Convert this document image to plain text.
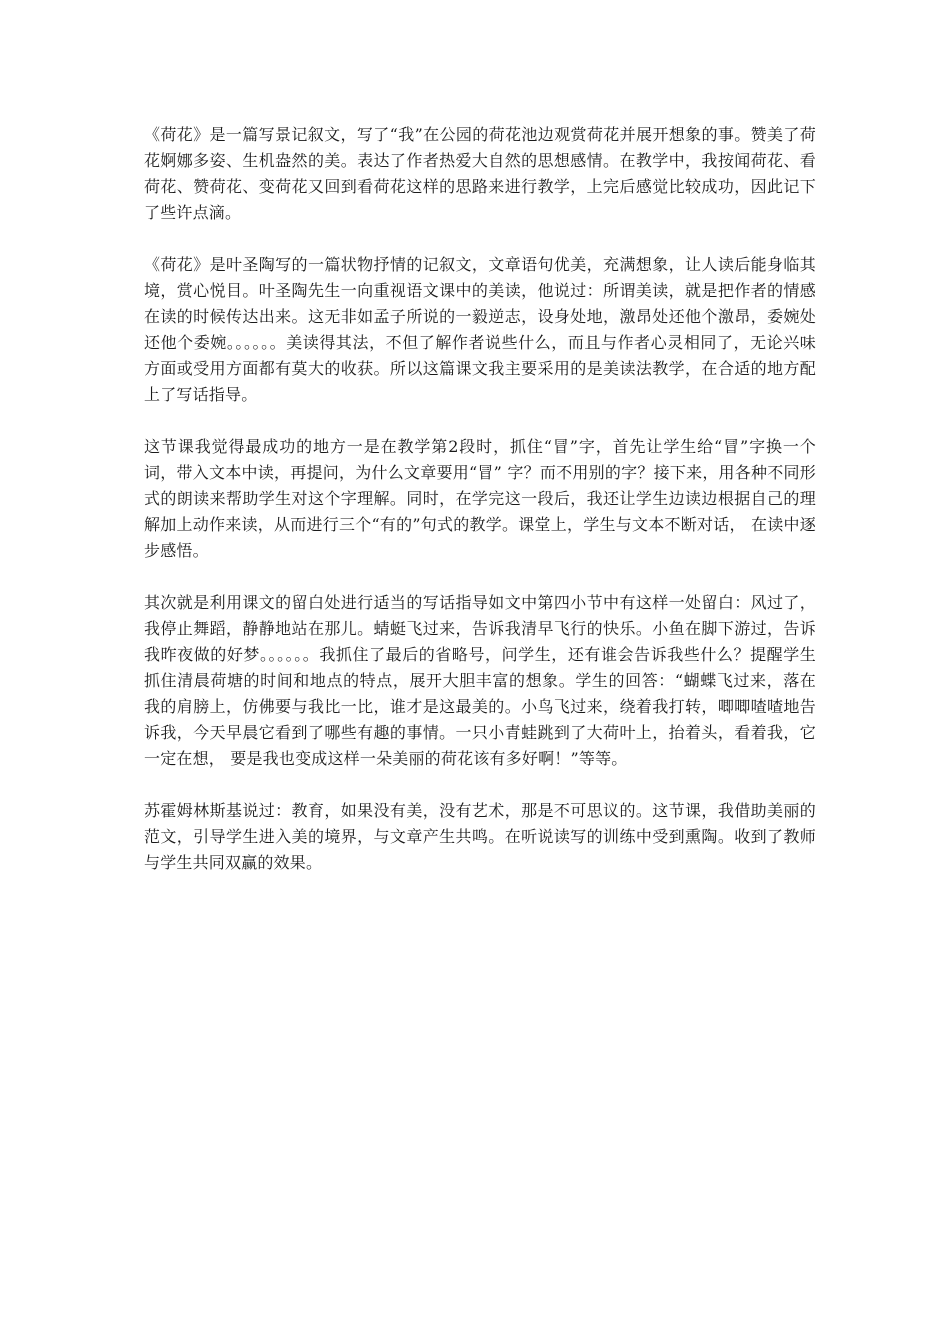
《荷花》是一篇写景记叙文，写了“我”在公园的荷花池边观赏荷花并展开想象的事。赞美了荷花婀娜多姿、生机盎然的美。表达了作者热爱大自然的思想感情。在教学中，我按闻荷花、看荷花、赞荷花、变荷花又回到看荷花这样的思路来进行教学，上完后感觉比较成功，因此记下了些许点滴。

《荷花》是叶圣陶写的一篇状物抒情的记叙文，文章语句优美，充满想象，让人读后能身临其境，赏心悦目。叶圣陶先生一向重视语文课中的美读，他说过：所谓美读，就是把作者的情感在读的时候传达出来。这无非如孟子所说的一毅逆志，设身处地，激昂处还他个激昂，委婉处还他个委婉。。。。。。美读得其法，不但了解作者说些什么，而且与作者心灵相同了，无论兴味方面或受用方面都有莫大的收获。所以这篇课文我主要采用的是美读法教学，在合适的地方配上了写话指导。

这节课我觉得最成功的地方一是在教学第2段时，抓住“冒”字，首先让学生给“冒”字换一个词，带入文本中读，再提问，为什么文章要用“冒” 字？而不用别的字？接下来，用各种不同形式的朗读来帮助学生对这个字理解。同时，在学完这一段后，我还让学生边读边根据自己的理解加上动作来读，从而进行三个“有的”句式的教学。课堂上，学生与文本不断对话， 在读中逐步感悟。

其次就是利用课文的留白处进行适当的写话指导如文中第四小节中有这样一处留白：风过了，我停止舞蹈，静静地站在那儿。蜻蜓飞过来，告诉我清早飞行的快乐。小鱼在脚下游过，告诉我昨夜做的好梦。。。。。。我抓住了最后的省略号，问学生，还有谁会告诉我些什么？提醒学生抓住清晨荷塘的时间和地点的特点，展开大胆丰富的想象。学生的回答：“蝴蝶飞过来，落在我的肩膀上，仿佛要与我比一比，谁才是这最美的。小鸟飞过来，绕着我打转，唧唧喳喳地告诉我，今天早晨它看到了哪些有趣的事情。一只小青蛙跳到了大荷叶上，抬着头，看着我，它一定在想， 要是我也变成这样一朵美丽的荷花该有多好啊！”等等。

苏霍姆林斯基说过：教育，如果没有美，没有艺术，那是不可思议的。这节课，我借助美丽的范文，引导学生进入美的境界，与文章产生共鸣。在听说读写的训练中受到熏陶。收到了教师与学生共同双赢的效果。
